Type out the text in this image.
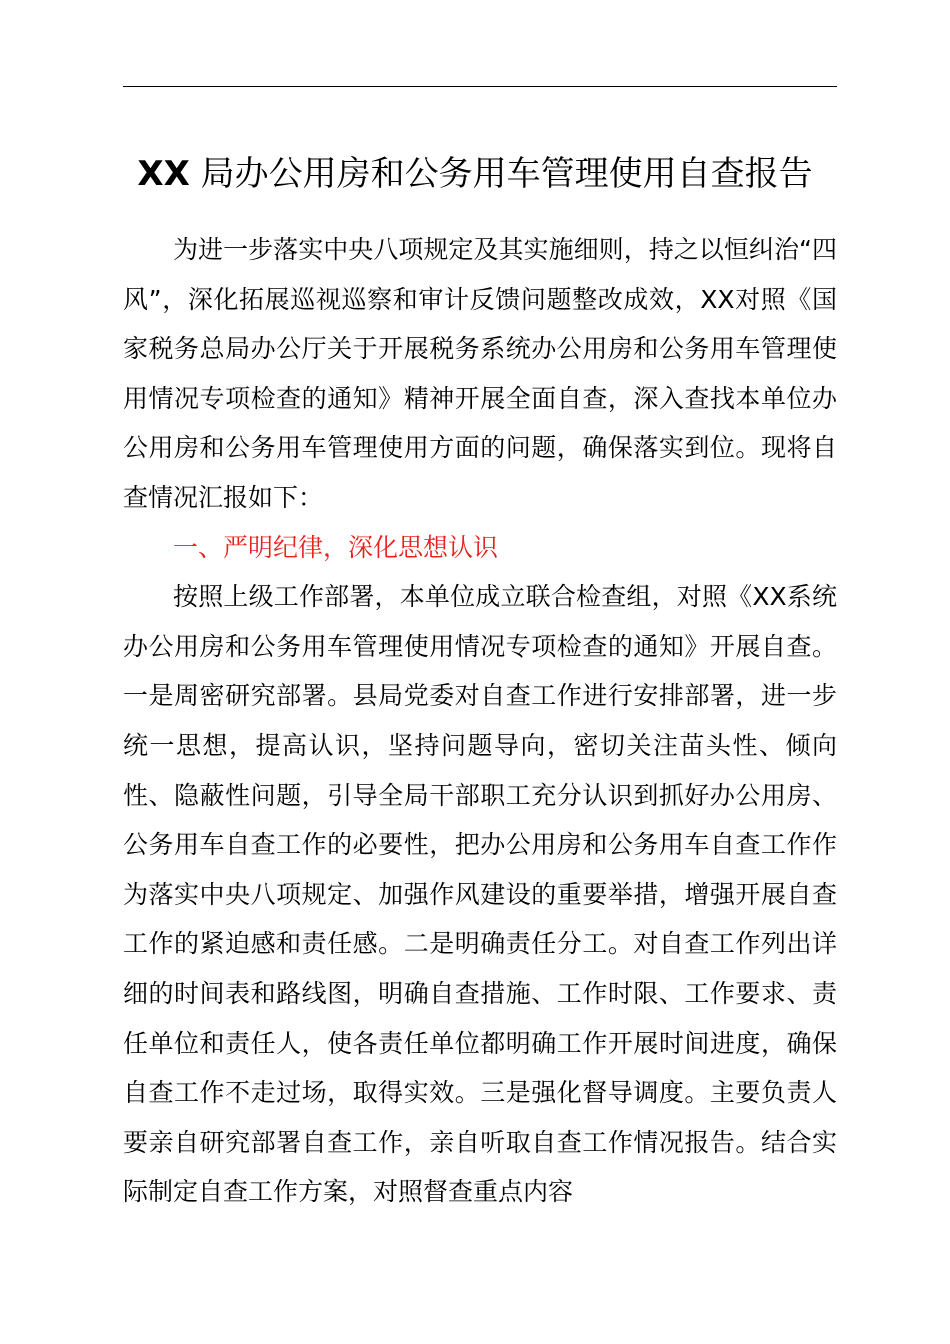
XX 局办公用房和公务用车管理使用自查报告

为进一步落实中央八项规定及其实施细则，持之以恒纠治“四风”，深化拓展巡视巡察和审计反馈问题整改成效，XX对照《国家税务总局办公厅关于开展税务系统办公用房和公务用车管理使用情况专项检查的通知》精神开展全面自查，深入查找本单位办公用房和公务用车管理使用方面的问题，确保落实到位。现将自查情况汇报如下：

一、严明纪律，深化思想认识

按照上级工作部署，本单位成立联合检查组，对照《XX系统办公用房和公务用车管理使用情况专项检查的通知》开展自查。一是周密研究部署。县局党委对自查工作进行安排部署，进一步统一思想，提高认识，坚持问题导向，密切关注苗头性、倾向性、隐蔽性问题，引导全局干部职工充分认识到抓好办公用房、公务用车自查工作的必要性，把办公用房和公务用车自查工作作为落实中央八项规定、加强作风建设的重要举措，增强开展自查工作的紧迫感和责任感。二是明确责任分工。对自查工作列出详细的时间表和路线图，明确自查措施、工作时限、工作要求、责任单位和责任人，使各责任单位都明确工作开展时间进度，确保自查工作不走过场，取得实效。三是强化督导调度。主要负责人要亲自研究部署自查工作，亲自听取自查工作情况报告。结合实际制定自查工作方案，对照督查重点内容
